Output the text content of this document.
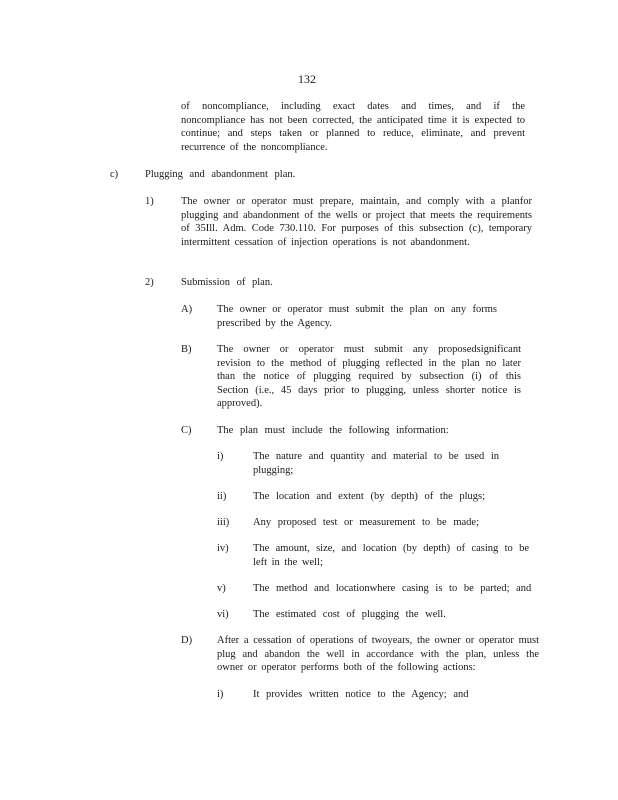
132
of noncompliance, including exact dates and times, and if the noncompliance has not been corrected, the anticipated time it is expected to continue; and steps taken or planned to reduce, eliminate, and prevent recurrence of the noncompliance.
c)	Plugging and abandonment plan.
1)	The owner or operator must prepare, maintain, and comply with a planfor plugging and abandonment of the wells or project that meets the requirements of 35Ill. Adm. Code 730.110. For purposes of this subsection (c), temporary intermittent cessation of injection operations is not abandonment.
2)	Submission of plan.
A) The owner or operator must submit the plan on any forms prescribed by the Agency.
B) The owner or operator must submit any proposedsignificant revision to the method of plugging reflected in the plan no later than the notice of plugging required by subsection (i) of this Section (i.e., 45 days prior to plugging, unless shorter notice is approved).
C) The plan must include the following information:
i)	The nature and quantity and material to be used in plugging;
ii)	The location and extent (by depth) of the plugs;
iii) Any proposed test or measurement to be made;
iv) The amount, size, and location (by depth) of casing to be left in the well;
v)	The method and locationwhere casing is to be parted; and
vi) The estimated cost of plugging the well.
D) After a cessation of operations of twoyears, the owner or operator must plug and abandon the well in accordance with the plan, unless the owner or operator performs both of the following actions:
i)	It provides written notice to the Agency; and
